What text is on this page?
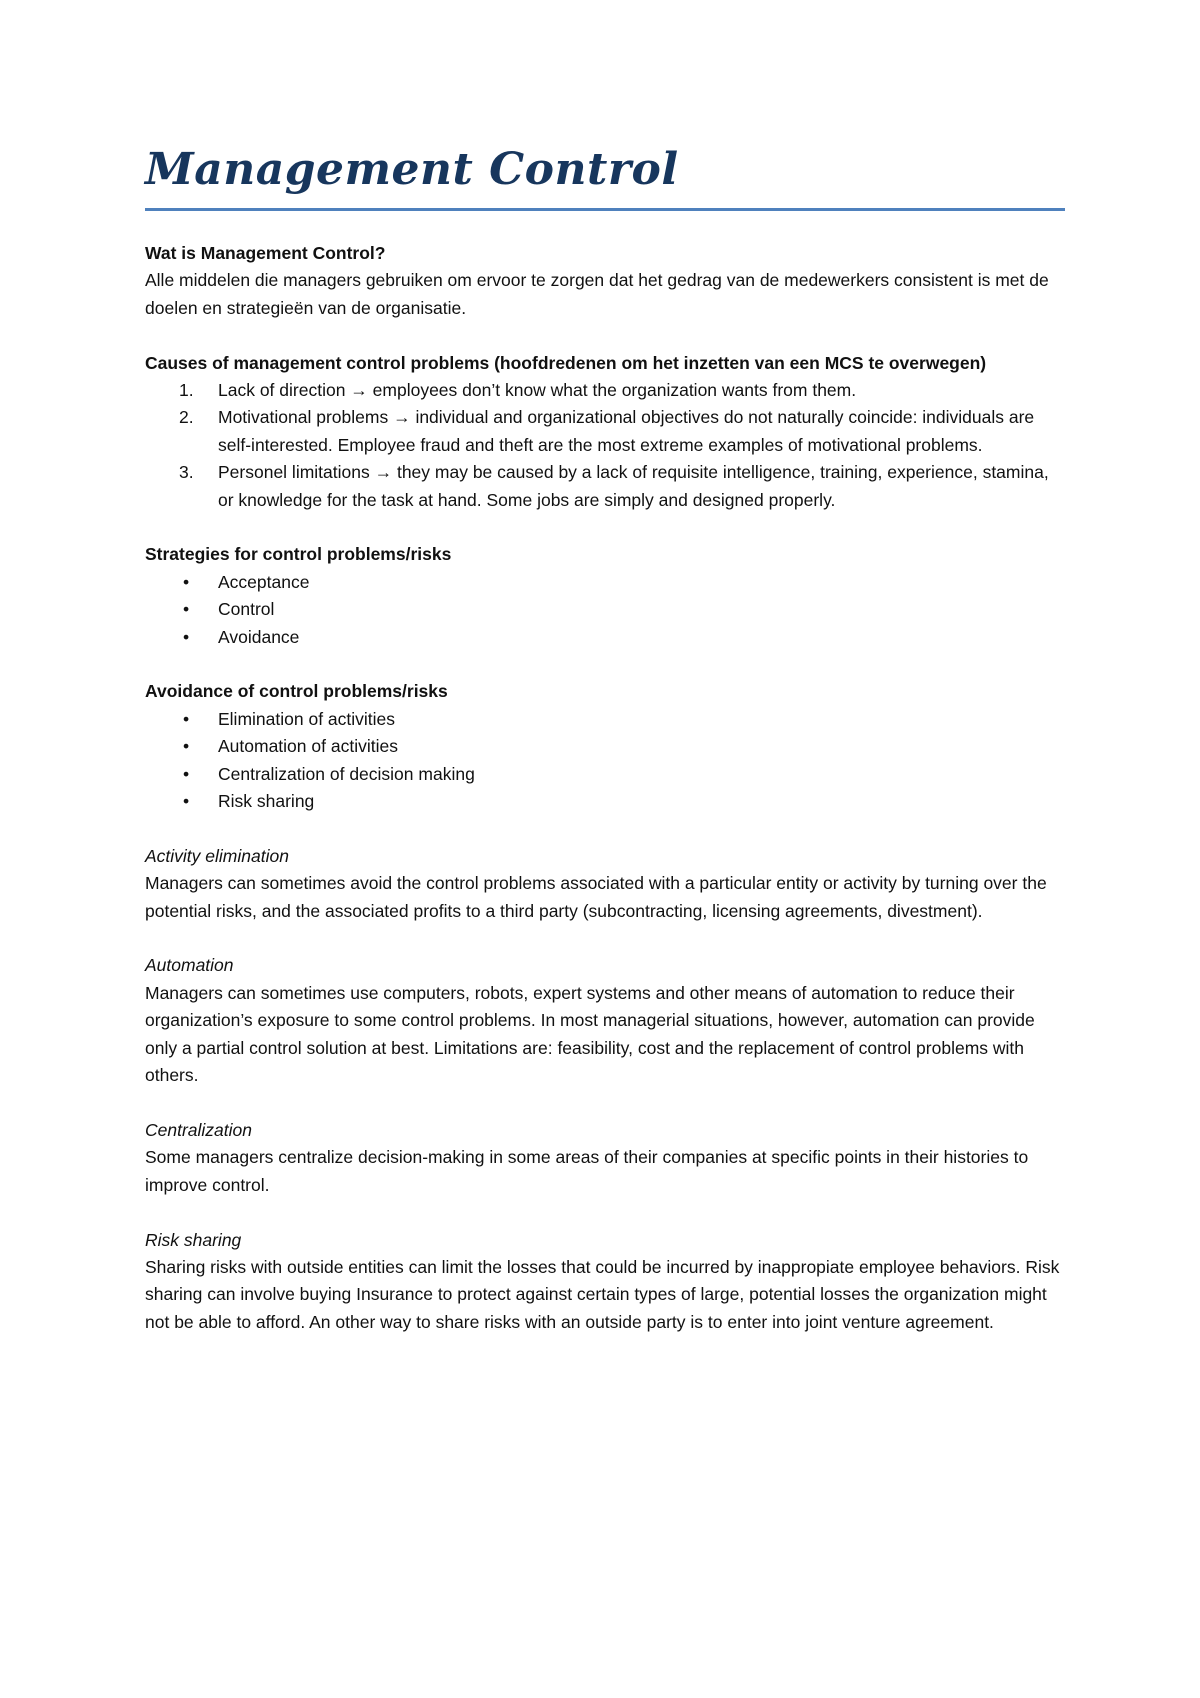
Management Control

Wat is Management Control?

Alle middelen die managers gebruiken om ervoor te zorgen dat het gedrag van de medewerkers consistent is met de doelen en strategieën van de organisatie.

Causes of management control problems (hoofdredenen om het inzetten van een MCS te overwegen)

1. Lack of direction → employees don’t know what the organization wants from them.
2. Motivational problems → individual and organizational objectives do not naturally coincide: individuals are self-interested. Employee fraud and theft are the most extreme examples of motivational problems.
3. Personel limitations → they may be caused by a lack of requisite intelligence, training, experience, stamina, or knowledge for the task at hand. Some jobs are simply and designed properly.

Strategies for control problems/risks

• Acceptance
• Control
• Avoidance

Avoidance of control problems/risks

• Elimination of activities
• Automation of activities
• Centralization of decision making
• Risk sharing

Activity elimination

Managers can sometimes avoid the control problems associated with a particular entity or activity by turning over the potential risks, and the associated profits to a third party (subcontracting, licensing agreements, divestment).

Automation

Managers can sometimes use computers, robots, expert systems and other means of automation to reduce their organization’s exposure to some control problems. In most managerial situations, however, automation can provide only a partial control solution at best. Limitations are: feasibility, cost and the replacement of control problems with others.

Centralization

Some managers centralize decision-making in some areas of their companies at specific points in their histories to improve control.

Risk sharing

Sharing risks with outside entities can limit the losses that could be incurred by inappropiate employee behaviors. Risk sharing can involve buying Insurance to protect against certain types of large, potential losses the organization might not be able to afford. An other way to share risks with an outside party is to enter into joint venture agreement.
